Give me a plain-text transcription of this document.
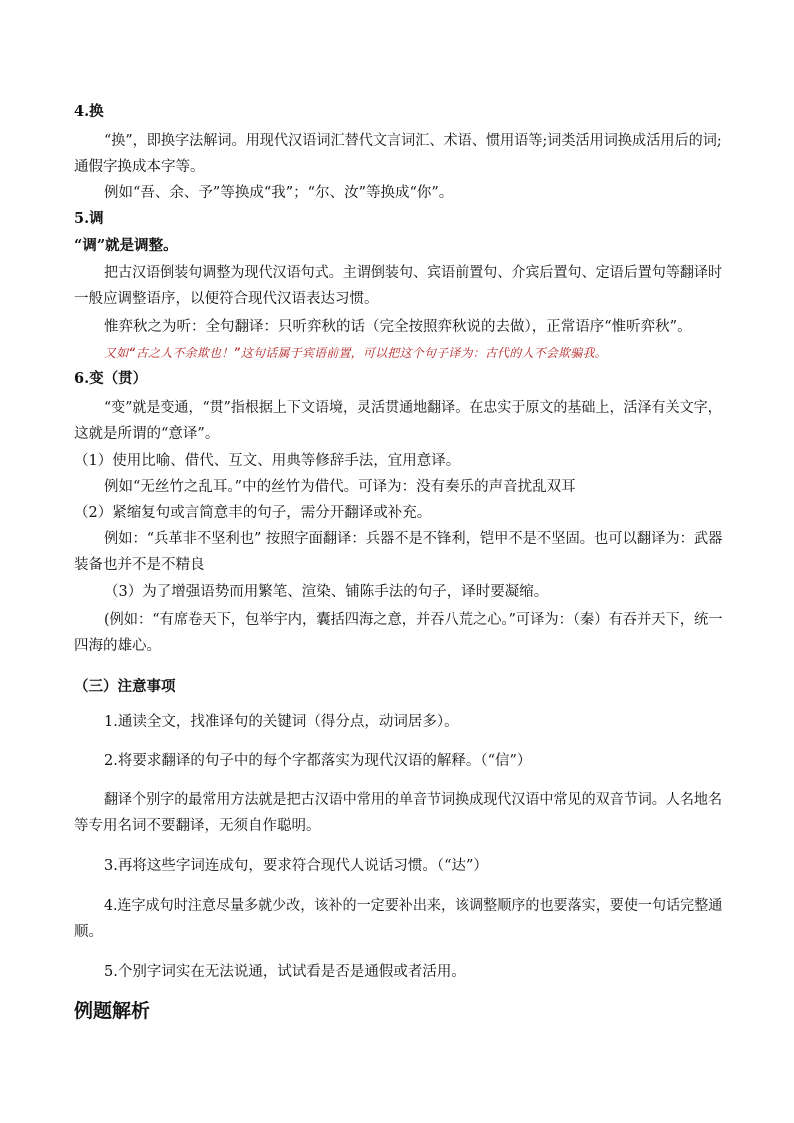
4.换
“换”，即换字法解词。用现代汉语词汇替代文言词汇、术语、惯用语等;词类活用词换成活用后的词;
通假字换成本字等。
例如“吾、余、予”等换成“我”；“尔、汝”等换成“你”。
5.调
“调”就是调整。
把古汉语倒装句调整为现代汉语句式。主谓倒装句、宾语前置句、介宾后置句、定语后置句等翻译时
一般应调整语序，以便符合现代汉语表达习惯。
惟弈秋之为听：全句翻译：只听弈秋的话（完全按照弈秋说的去做），正常语序“惟听弈秋”。
又如“古之人不余欺也！”这句话属于宾语前置，可以把这个句子译为：古代的人不会欺骗我。
6.变（贯）
“变”就是变通，“贯”指根据上下文语境，灵活贯通地翻译。在忠实于原文的基础上，活泽有关文字，
这就是所谓的“意译”。
（1）使用比喻、借代、互文、用典等修辞手法，宜用意译。
例如“无丝竹之乱耳。”中的丝竹为借代。可译为：没有奏乐的声音扰乱双耳
（2）紧缩复句或言简意丰的句子，需分开翻译或补充。
例如：“兵革非不坚利也” 按照字面翻译：兵器不是不锋利，铠甲不是不坚固。也可以翻译为：武器
装备也并不是不精良
（3）为了增强语势而用繁笔、渲染、铺陈手法的句子，译时要凝缩。
(例如：“有席卷天下，包举宇内，囊括四海之意，并吞八荒之心。”可译为：（秦）有吞并天下，统一
四海的雄心。
（三）注意事项
1.通读全文，找准译句的关键词（得分点，动词居多）。
2.将要求翻译的句子中的每个字都落实为现代汉语的解释。（“信”）
翻译个别字的最常用方法就是把古汉语中常用的单音节词换成现代汉语中常见的双音节词。人名地名
等专用名词不要翻译，无须自作聪明。
3.再将这些字词连成句，要求符合现代人说话习惯。（“达”）
4.连字成句时注意尽量多就少改，该补的一定要补出来，该调整顺序的也要落实，要使一句话完整通
顺。
5.个别字词实在无法说通，试试看是否是通假或者活用。
例题解析
